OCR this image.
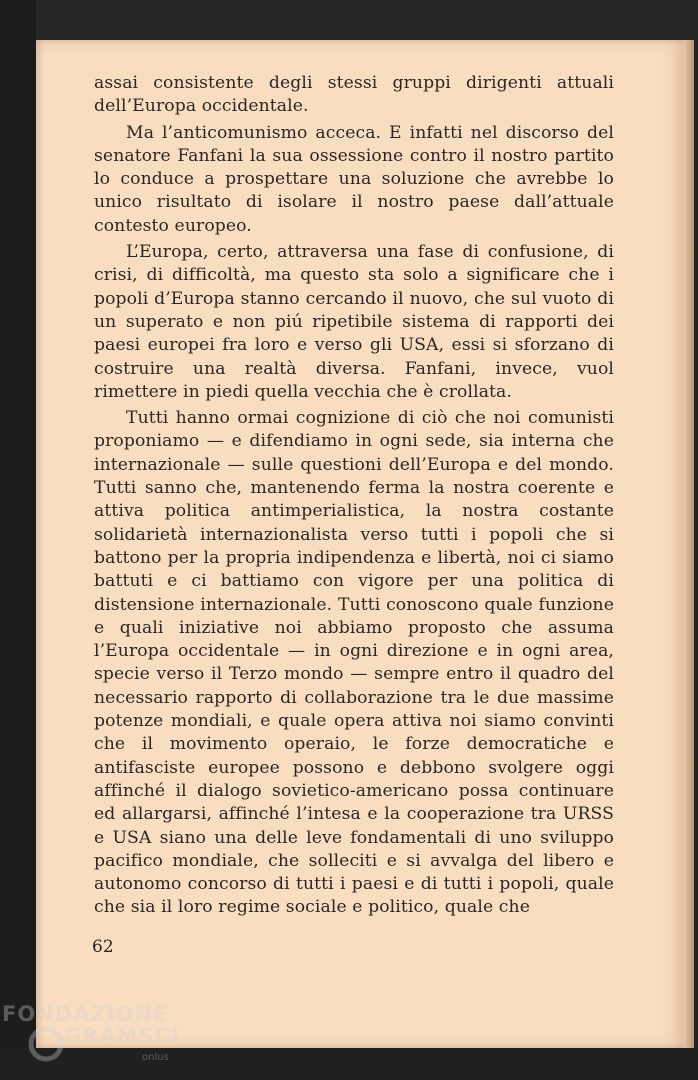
assai consistente degli stessi gruppi dirigenti attuali dell’Europa occidentale.

Ma l’anticomunismo acceca. E infatti nel discorso del senatore Fanfani la sua ossessione contro il nostro partito lo conduce a prospettare una soluzione che avrebbe lo unico risultato di isolare il nostro paese dall’attuale contesto europeo.

L’Europa, certo, attraversa una fase di confusione, di crisi, di difficoltà, ma questo sta solo a significare che i popoli d’Europa stanno cercando il nuovo, che sul vuoto di un superato e non piú ripetibile sistema di rapporti dei paesi europei fra loro e verso gli USA, essi si sforzano di costruire una realtà diversa. Fanfani, invece, vuol rimettere in piedi quella vecchia che è crollata.

Tutti hanno ormai cognizione di ciò che noi comunisti proponiamo — e difendiamo in ogni sede, sia interna che internazionale — sulle questioni dell’Europa e del mondo. Tutti sanno che, mantenendo ferma la nostra coerente e attiva politica antimperialistica, la nostra costante solidarietà internazionalista verso tutti i popoli che si battono per la propria indipendenza e libertà, noi ci siamo battuti e ci battiamo con vigore per una politica di distensione internazionale. Tutti conoscono quale funzione e quali iniziative noi abbiamo proposto che assuma l’Europa occidentale — in ogni direzione e in ogni area, specie verso il Terzo mondo — sempre entro il quadro del necessario rapporto di collaborazione tra le due massime potenze mondiali, e quale opera attiva noi siamo convinti che il movimento operaio, le forze democratiche e antifasciste europee possono e debbono svolgere oggi affinché il dialogo sovietico-americano possa continuare ed allargarsi, affinché l’intesa e la cooperazione tra URSS e USA siano una delle leve fondamentali di uno sviluppo pacifico mondiale, che solleciti e si avvalga del libero e autonomo concorso di tutti i paesi e di tutti i popoli, quale che sia il loro regime sociale e politico, quale che

62
FONDAZIONE
GRAMSCI
onlus
